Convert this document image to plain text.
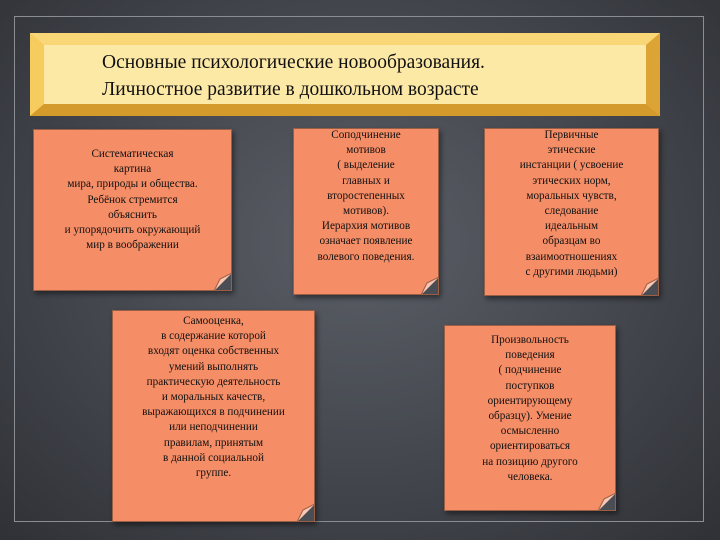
Основные психологические новообразования.
Личностное развитие в дошкольном возрасте
Систематическая
картина
мира, природы и общества.
Ребёнок стремится
объяснить
и упорядочить окружающий
мир в воображении
Соподчинение
мотивов
( выделение
главных и
второстепенных
мотивов).
Иерархия мотивов
означает появление
волевого поведения.
Первичные
этические
инстанции ( усвоение
этических норм,
моральных чувств,
следование
идеальным
образцам во
взаимоотношениях
с другими людьми)
Самооценка,
в содержание которой
входят оценка собственных
умений выполнять
практическую деятельность
и моральных качеств,
выражающихся в подчинении
или неподчинении
правилам, принятым
в данной социальной
группе.
Произвольность
поведения
( подчинение
поступков
ориентирующему
образцу). Умение
осмысленно
ориентироваться
на позицию другого
человека.
